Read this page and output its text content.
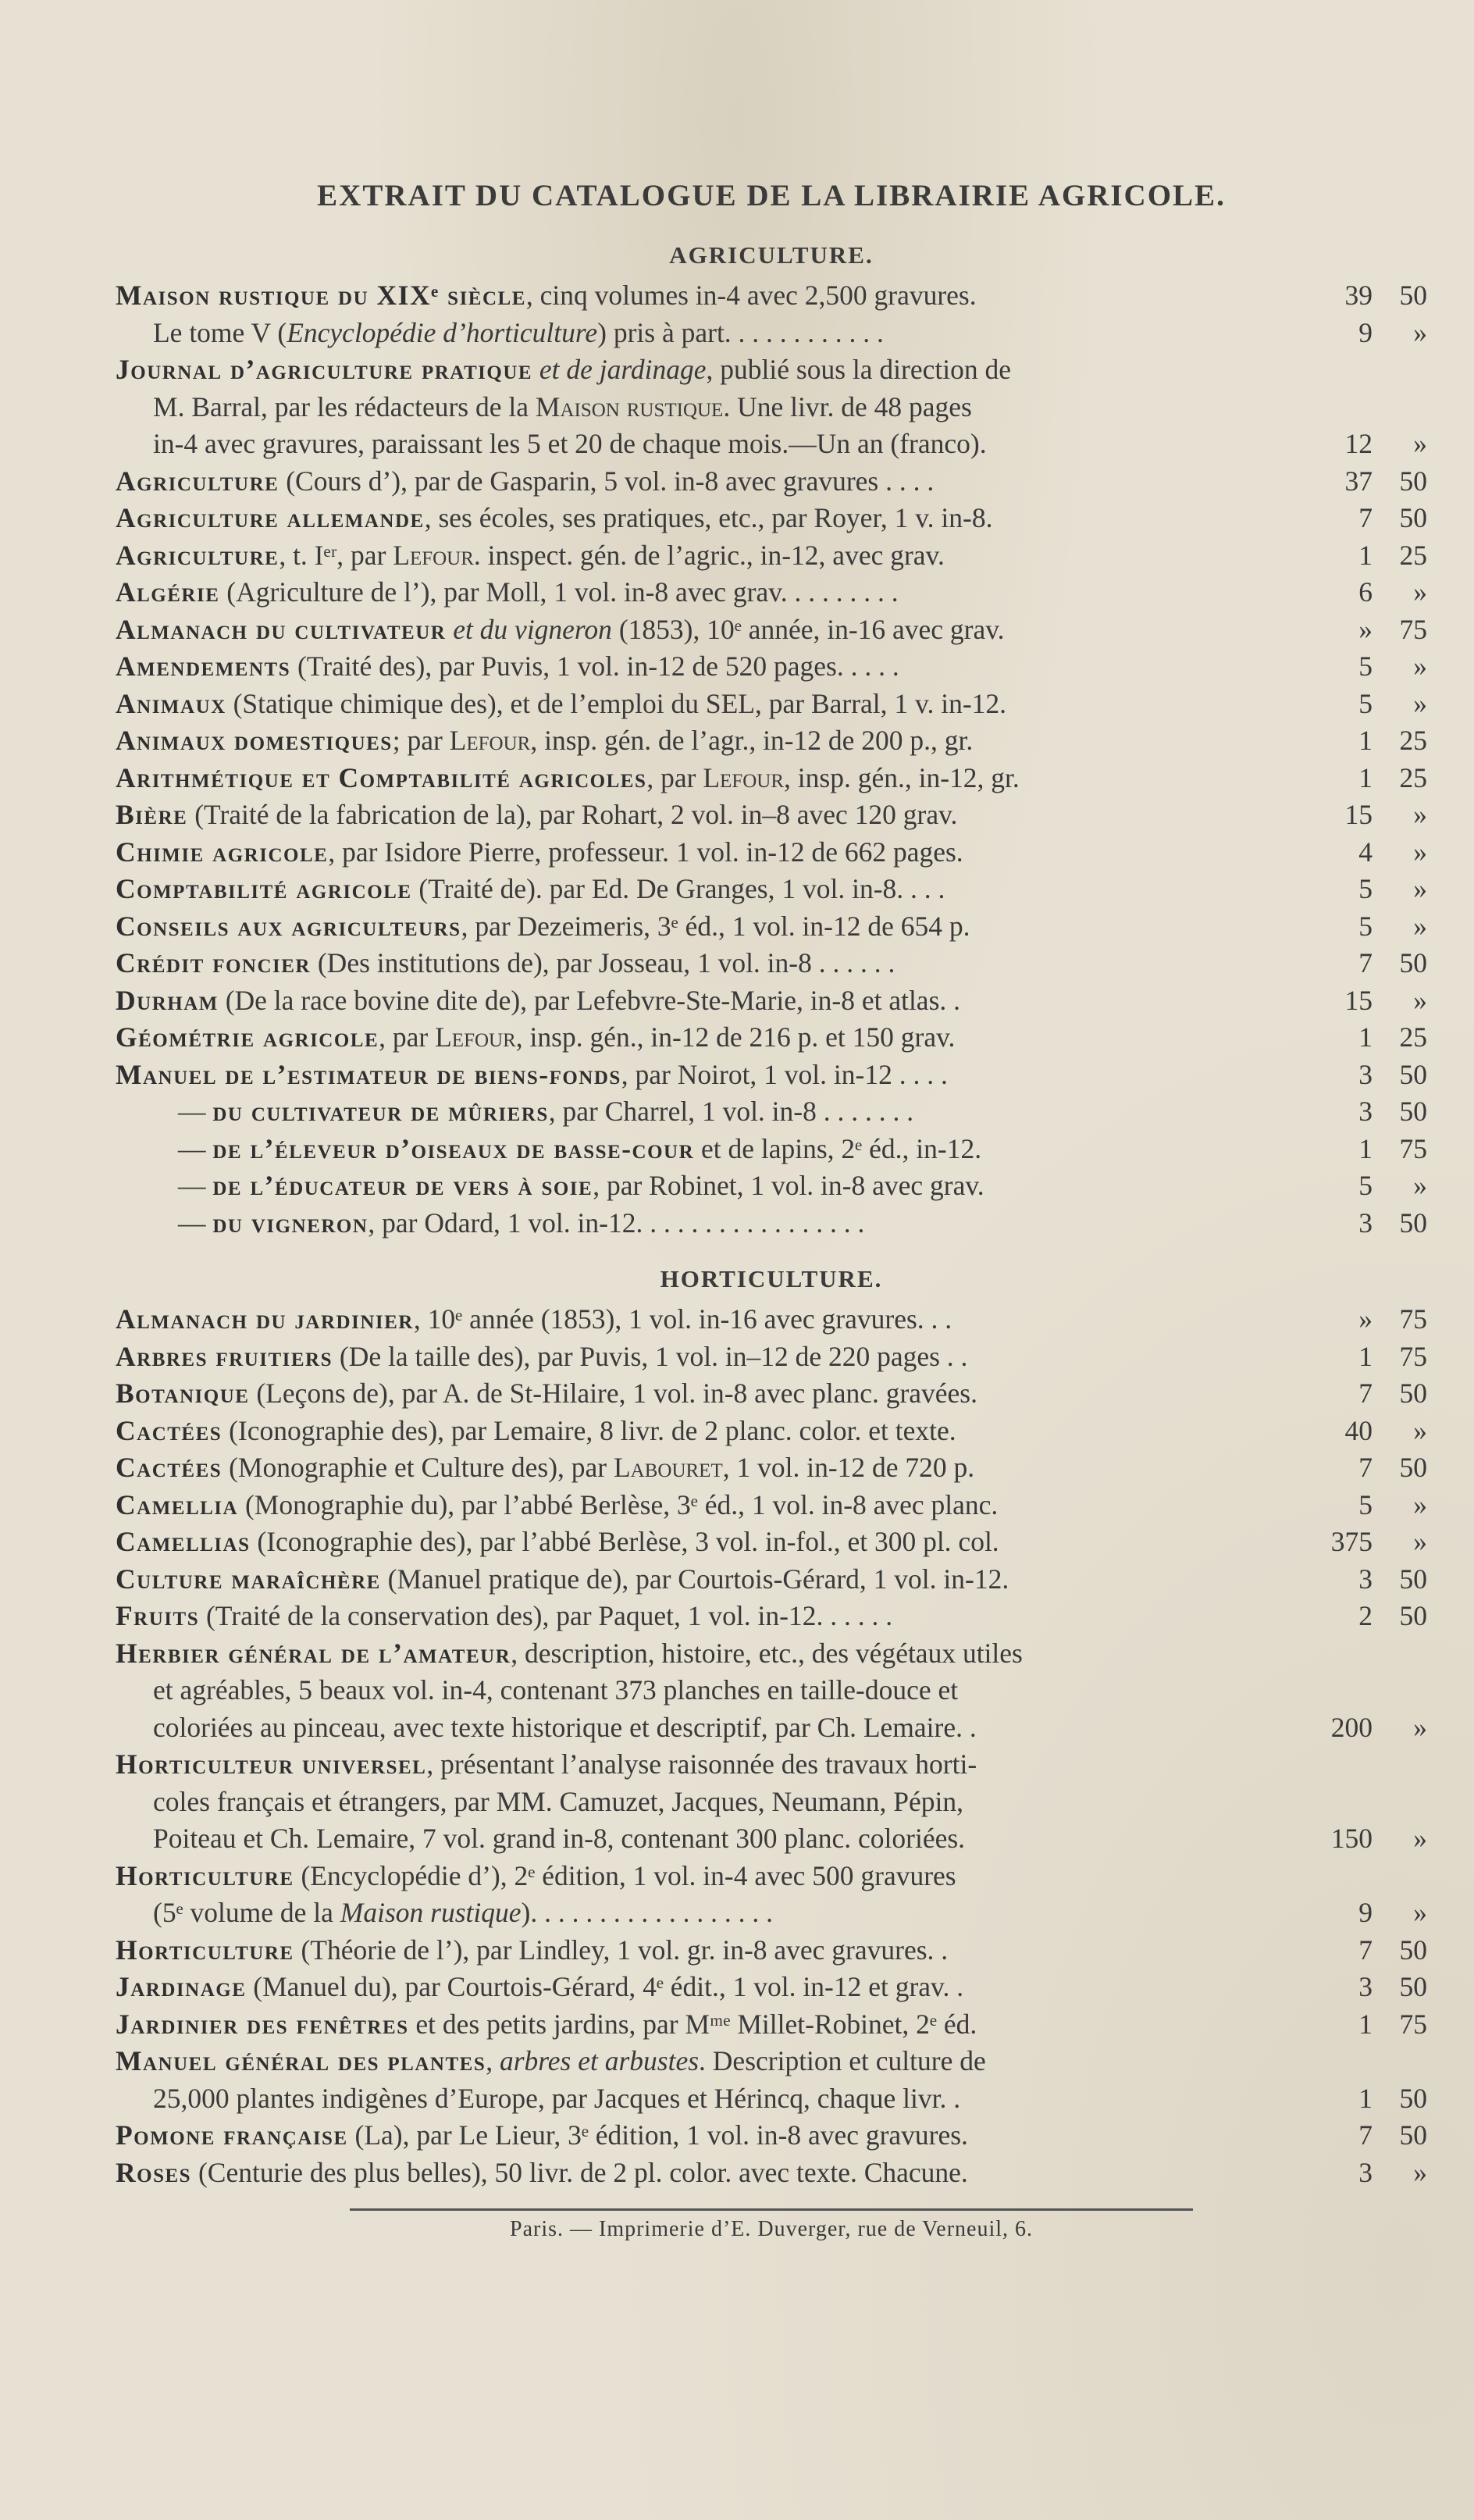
EXTRAIT DU CATALOGUE DE LA LIBRAIRIE AGRICOLE.
AGRICULTURE.
Maison rustique du XIXᵉ siècle, cinq volumes in-4 avec 2,500 gravures.	39 50
Le tome V (Encyclopédie d’horticulture) pris à part. . . . . . . . . . . .	9	»
Journal d’agriculture pratique et de jardinage, publié sous la direction de
M. Barral, par les rédacteurs de la Maison rustique. Une livr. de 48 pages
in-4 avec gravures, paraissant les 5 et 20 de chaque mois.—Un an (franco).	12	»
Agriculture (Cours d’), par de Gasparin, 5 vol. in-8 avec gravures . . . .	37 50
Agriculture allemande, ses écoles, ses pratiques, etc., par Royer, 1 v. in-8.	7 50
Agriculture, t. Iᵉʳ, par Lefour. inspect. gén. de l’agric., in-12, avec grav.	1 25
Algérie (Agriculture de l’), par Moll, 1 vol. in-8 avec grav. . . . . . . . .	6	»
Almanach du cultivateur et du vigneron (1853), 10ᵉ année, in-16 avec grav.	» 75
Amendements (Traité des), par Puvis, 1 vol. in-12 de 520 pages. . . . .	5	»
Animaux (Statique chimique des), et de l’emploi du SEL, par Barral, 1 v. in-12.	5	»
Animaux domestiques; par Lefour, insp. gén. de l’agr., in-12 de 200 p., gr.	1 25
Arithmétique et Comptabilité agricoles, par Lefour, insp. gén., in-12, gr.	1 25
Bière (Traité de la fabrication de la), par Rohart, 2 vol. in–8 avec 120 grav.	15	»
Chimie agricole, par Isidore Pierre, professeur. 1 vol. in-12 de 662 pages.	4	»
Comptabilité agricole (Traité de). par Ed. De Granges, 1 vol. in-8. . . .	5	»
Conseils aux agriculteurs, par Dezeimeris, 3ᵉ éd., 1 vol. in-12 de 654 p.	5	»
Crédit foncier (Des institutions de), par Josseau, 1 vol. in-8 . . . . . .	7 50
Durham (De la race bovine dite de), par Lefebvre-Ste-Marie, in-8 et atlas. .	15	»
Géométrie agricole, par Lefour, insp. gén., in-12 de 216 p. et 150 grav.	1 25
Manuel de l’estimateur de biens-fonds, par Noirot, 1 vol. in-12 . . . .	3 50
— du cultivateur de mûriers, par Charrel, 1 vol. in-8 . . . . . . .	3 50
— de l’éleveur d’oiseaux de basse-cour et de lapins, 2ᵉ éd., in-12.	1 75
— de l’éducateur de vers à soie, par Robinet, 1 vol. in-8 avec grav.	5	»
— du vigneron, par Odard, 1 vol. in-12. . . . . . . . . . . . . . . . .	3 50
HORTICULTURE.
Almanach du jardinier, 10ᵉ année (1853), 1 vol. in-16 avec gravures. . .	» 75
Arbres fruitiers (De la taille des), par Puvis, 1 vol. in–12 de 220 pages . .	1 75
Botanique (Leçons de), par A. de St-Hilaire, 1 vol. in-8 avec planc. gravées.	7 50
Cactées (Iconographie des), par Lemaire, 8 livr. de 2 planc. color. et texte.	40	»
Cactées (Monographie et Culture des), par Labouret, 1 vol. in-12 de 720 p.	7 50
Camellia (Monographie du), par l’abbé Berlèse, 3ᵉ éd., 1 vol. in-8 avec planc.	5	»
Camellias (Iconographie des), par l’abbé Berlèse, 3 vol. in-fol., et 300 pl. col.	375	»
Culture maraîchère (Manuel pratique de), par Courtois-Gérard, 1 vol. in-12.	3 50
Fruits (Traité de la conservation des), par Paquet, 1 vol. in-12. . . . . .	2 50
Herbier général de l’amateur, description, histoire, etc., des végétaux utiles
et agréables, 5 beaux vol. in-4, contenant 373 planches en taille-douce et
coloriées au pinceau, avec texte historique et descriptif, par Ch. Lemaire. .	200	»
Horticulteur universel, présentant l’analyse raisonnée des travaux horti-
coles français et étrangers, par MM. Camuzet, Jacques, Neumann, Pépin,
Poiteau et Ch. Lemaire, 7 vol. grand in-8, contenant 300 planc. coloriées.	150	»
Horticulture (Encyclopédie d’), 2ᵉ édition, 1 vol. in-4 avec 500 gravures
(5ᵉ volume de la Maison rustique). . . . . . . . . . . . . . . . . .	9	»
Horticulture (Théorie de l’), par Lindley, 1 vol. gr. in-8 avec gravures. .	7 50
Jardinage (Manuel du), par Courtois-Gérard, 4ᵉ édit., 1 vol. in-12 et grav. .	3 50
Jardinier des fenêtres et des petits jardins, par Mᵐᵉ Millet-Robinet, 2ᵉ éd.	1 75
Manuel général des plantes, arbres et arbustes. Description et culture de
25,000 plantes indigènes d’Europe, par Jacques et Hérincq, chaque livr. .	1 50
Pomone française (La), par Le Lieur, 3ᵉ édition, 1 vol. in-8 avec gravures.	7 50
Roses (Centurie des plus belles), 50 livr. de 2 pl. color. avec texte. Chacune.	3	»
Paris. — Imprimerie d’E. Duverger, rue de Verneuil, 6.
